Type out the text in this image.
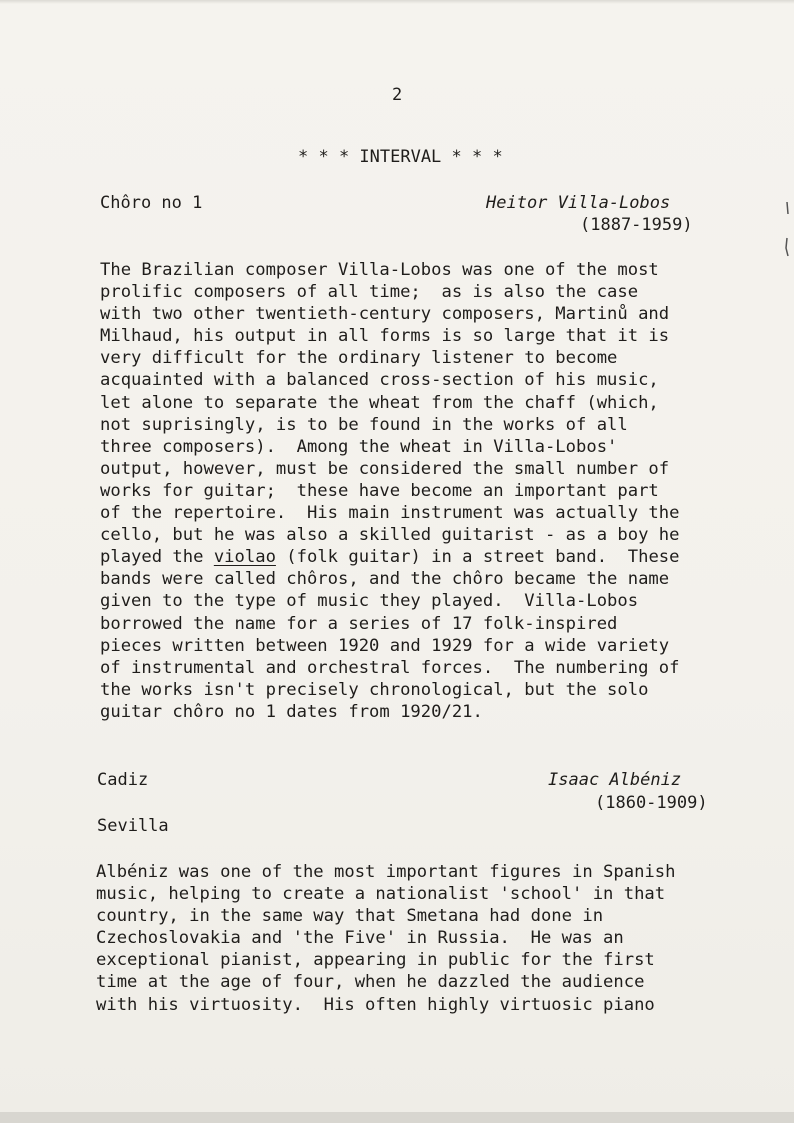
2
* * * INTERVAL * * *
Chôro no 1	Heitor Villa-Lobos
(1887-1959)
The Brazilian composer Villa-Lobos was one of the most
prolific composers of all time;  as is also the case
with two other twentieth-century composers, Martinů and
Milhaud, his output in all forms is so large that it is
very difficult for the ordinary listener to become
acquainted with a balanced cross-section of his music,
let alone to separate the wheat from the chaff (which,
not suprisingly, is to be found in the works of all
three composers).  Among the wheat in Villa-Lobos'
output, however, must be considered the small number of
works for guitar;  these have become an important part
of the repertoire.  His main instrument was actually the
cello, but he was also a skilled guitarist - as a boy he
played the violao (folk guitar) in a street band.  These
bands were called chôros, and the chôro became the name
given to the type of music they played.  Villa-Lobos
borrowed the name for a series of 17 folk-inspired
pieces written between 1920 and 1929 for a wide variety
of instrumental and orchestral forces.  The numbering of
the works isn't precisely chronological, but the solo
guitar chôro no 1 dates from 1920/21.
Cadiz	Isaac Albéniz
(1860-1909)
Sevilla
Albéniz was one of the most important figures in Spanish
music, helping to create a nationalist 'school' in that
country, in the same way that Smetana had done in
Czechoslovakia and 'the Five' in Russia.  He was an
exceptional pianist, appearing in public for the first
time at the age of four, when he dazzled the audience
with his virtuosity.  His often highly virtuosic piano
